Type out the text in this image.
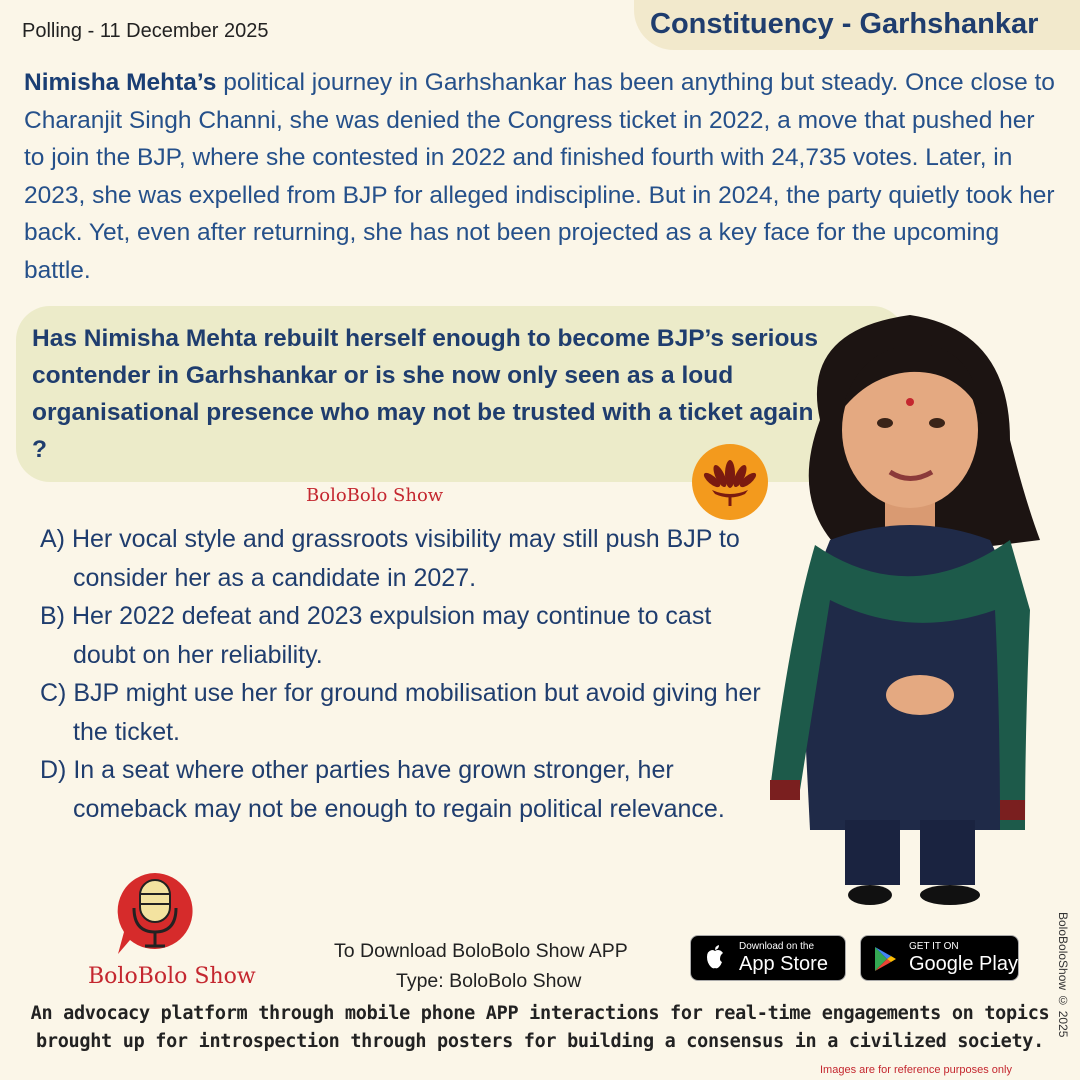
Polling - 11 December 2025	Constituency - Garhshankar
Nimisha Mehta’s political journey in Garhshankar has been anything but steady. Once close to Charanjit Singh Channi, she was denied the Congress ticket in 2022, a move that pushed her to join the BJP, where she contested in 2022 and finished fourth with 24,735 votes. Later, in 2023, she was expelled from BJP for alleged indiscipline. But in 2024, the party quietly took her back. Yet, even after returning, she has not been projected as a key face for the upcoming battle.
Has Nimisha Mehta rebuilt herself enough to become BJP’s serious contender in Garhshankar or is she now only seen as a loud organisational presence who may not be trusted with a ticket again ?
BoloBolo Show
A) Her vocal style and grassroots visibility may still push BJP to consider her as a candidate in 2027.
B) Her 2022 defeat and 2023 expulsion may continue to cast doubt on her reliability.
C) BJP might use her for ground mobilisation but avoid giving her the ticket.
D) In a seat where other parties have grown stronger, her comeback may not be enough to regain political relevance.
BoloBolo Show
To Download BoloBolo Show APP
Type: BoloBolo Show
Download on the
App Store
GET IT ON
Google Play
An advocacy platform through mobile phone APP interactions for real-time engagements on topics brought up for introspection through posters for building a consensus in a civilized society.
Images are for reference purposes only
BoloBoloShow © 2025
